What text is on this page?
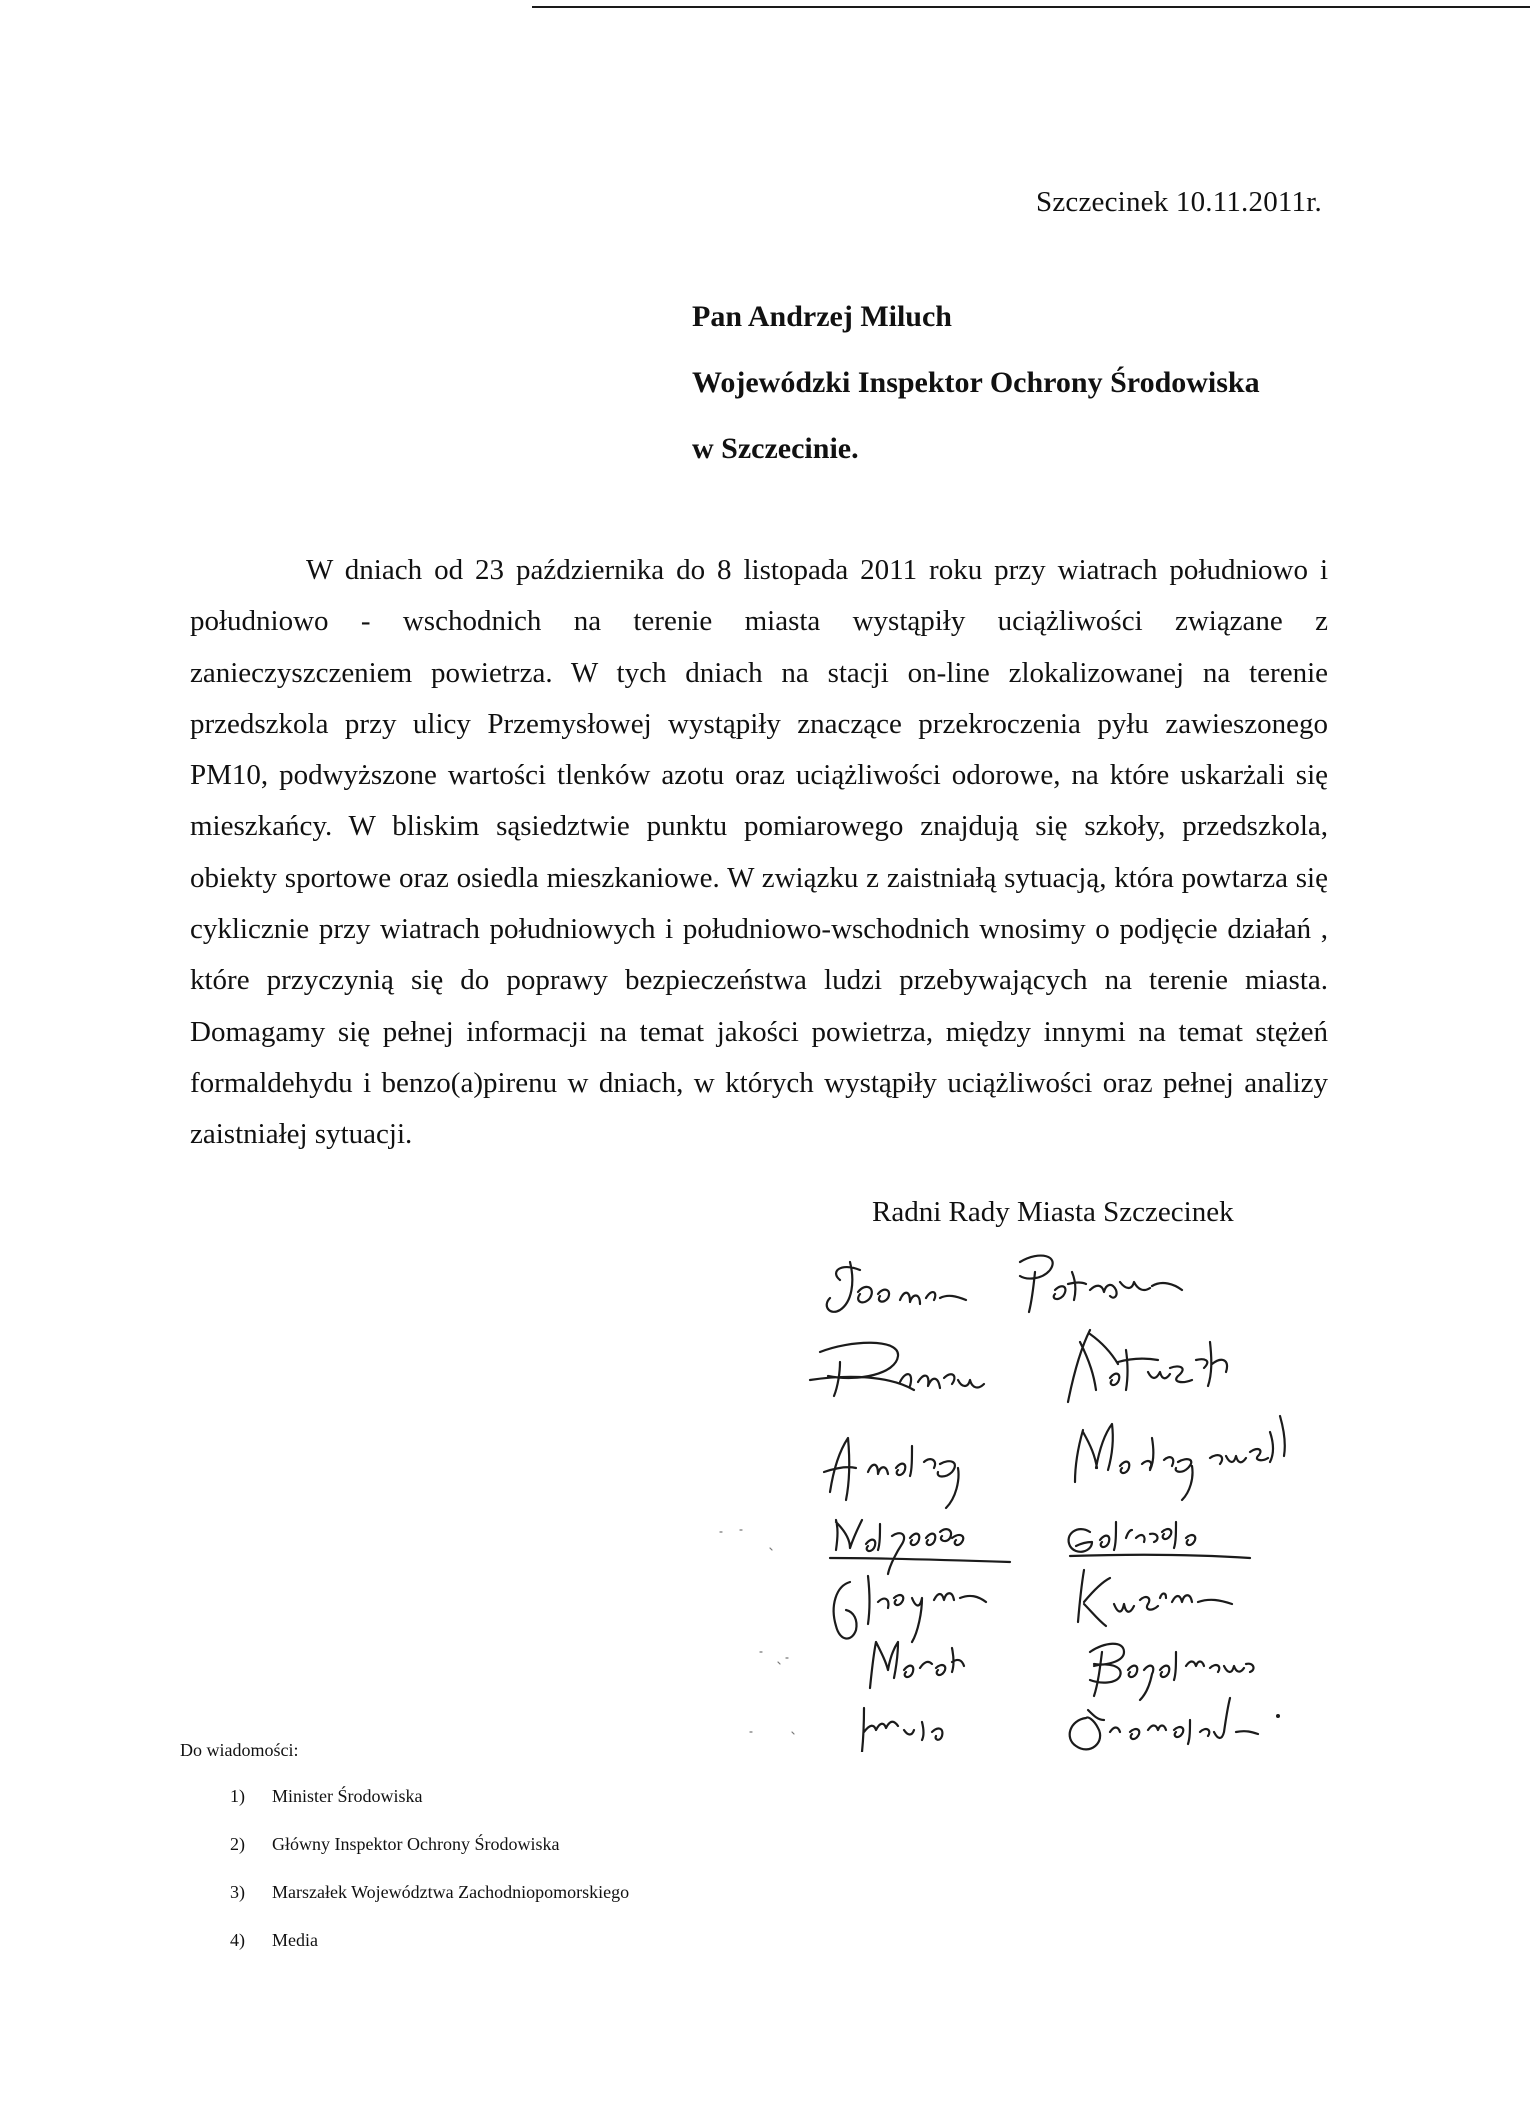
Szczecinek 10.11.2011r.
Pan Andrzej Miluch
Wojewódzki Inspektor Ochrony Środowiska
w Szczecinie.

W dniach od 23 października do 8 listopada 2011 roku przy wiatrach południowo i południowo - wschodnich na terenie miasta wystąpiły uciążliwości związane z zanieczyszczeniem powietrza. W tych dniach na stacji on-line zlokalizowanej na terenie przedszkola przy ulicy Przemysłowej wystąpiły znaczące przekroczenia pyłu zawieszonego PM10, podwyższone wartości tlenków azotu oraz uciążliwości odorowe, na które uskarżali się mieszkańcy. W bliskim sąsiedztwie punktu pomiarowego znajdują się szkoły, przedszkola, obiekty sportowe oraz osiedla mieszkaniowe. W związku z zaistniałą sytuacją, która powtarza się cyklicznie przy wiatrach południowych i południowo-wschodnich wnosimy o podjęcie działań , które przyczynią się do poprawy bezpieczeństwa ludzi przebywających na terenie miasta. Domagamy się pełnej informacji na temat jakości powietrza, między innymi na temat stężeń formaldehydu i benzo(a)pirenu w dniach, w których wystąpiły uciążliwości oraz pełnej analizy zaistniałej sytuacji.

Radni Rady Miasta Szczecinek
Do wiadomości:
1)	Minister Środowiska
2)	Główny Inspektor Ochrony Środowiska
3)	Marszałek Województwa Zachodniopomorskiego
4)	Media
